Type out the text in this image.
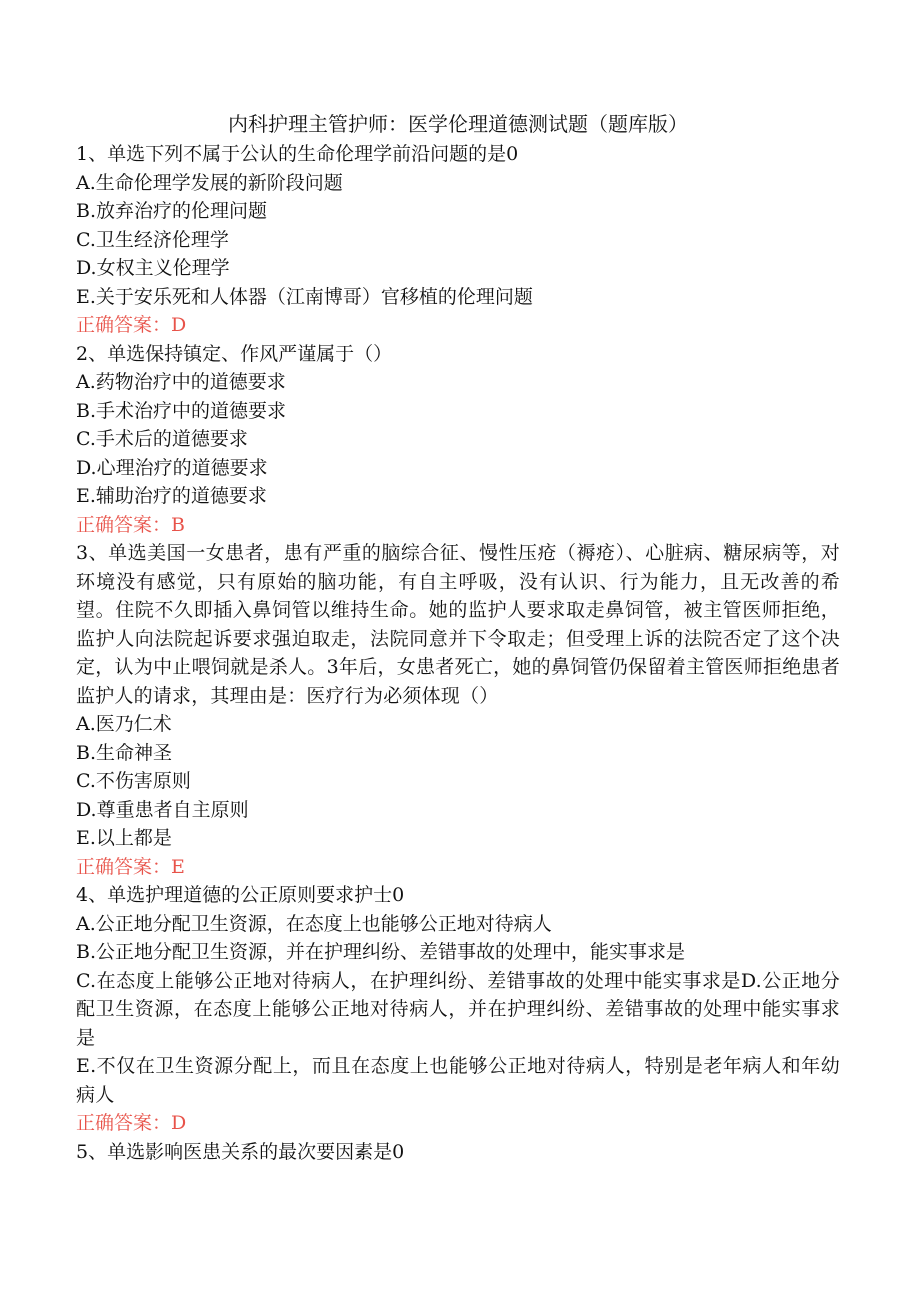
内科护理主管护师：医学伦理道德测试题（题库版）
1、单选下列不属于公认的生命伦理学前沿问题的是0
A.生命伦理学发展的新阶段问题
B.放弃治疗的伦理问题
C.卫生经济伦理学
D.女权主义伦理学
E.关于安乐死和人体器（江南博哥）官移植的伦理问题
正确答案：D
2、单选保持镇定、作风严谨属于（）
A.药物治疗中的道德要求
B.手术治疗中的道德要求
C.手术后的道德要求
D.心理治疗的道德要求
E.辅助治疗的道德要求
正确答案：B
3、单选美国一女患者，患有严重的脑综合征、慢性压疮（褥疮）、心脏病、糖尿病等，对环境没有感觉，只有原始的脑功能，有自主呼吸，没有认识、行为能力，且无改善的希望。住院不久即插入鼻饲管以维持生命。她的监护人要求取走鼻饲管，被主管医师拒绝，监护人向法院起诉要求强迫取走，法院同意并下令取走；但受理上诉的法院否定了这个决定，认为中止喂饲就是杀人。3年后，女患者死亡，她的鼻饲管仍保留着主管医师拒绝患者监护人的请求，其理由是：医疗行为必须体现（）
A.医乃仁术
B.生命神圣
C.不伤害原则
D.尊重患者自主原则
E.以上都是
正确答案：E
4、单选护理道德的公正原则要求护士0
A.公正地分配卫生资源，在态度上也能够公正地对待病人
B.公正地分配卫生资源，并在护理纠纷、差错事故的处理中，能实事求是
C.在态度上能够公正地对待病人，在护理纠纷、差错事故的处理中能实事求是D.公正地分配卫生资源，在态度上能够公正地对待病人，并在护理纠纷、差错事故的处理中能实事求是
E.不仅在卫生资源分配上，而且在态度上也能够公正地对待病人，特别是老年病人和年幼病人
正确答案：D
5、单选影响医患关系的最次要因素是0
